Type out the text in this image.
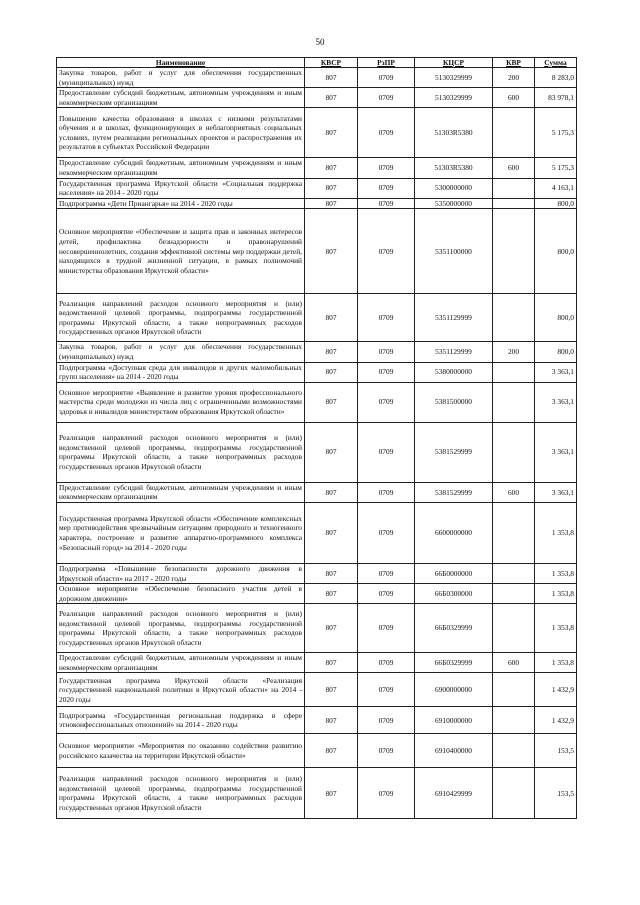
50
Наименование	КВСР	РзПР	КЦСР	КВР	Сумма
Закупка товаров, работ и услуг для обеспечения государственных (муниципальных) нужд	807	0709	5130329999	200	8 283,0
Предоставление субсидий бюджетным, автономным учреждениям и иным некоммерческим организациям	807	0709	5130329999	600	83 978,1
Повышение качества образования в школах с низкими результатами обучения и в школах, функционирующих в неблагоприятных социальных условиях, путем реализации региональных проектов и распространения их результатов в субъектах Российской Федерации	807	0709	51303R5380		5 175,3
Предоставление субсидий бюджетным, автономным учреждениям и иным некоммерческим организациям	807	0709	51303R5380	600	5 175,3
Государственная программа Иркутской области «Социальная поддержка населения» на 2014 - 2020 годы	807	0709	5300000000		4 163,1
Подпрограмма «Дети Приангарья» на 2014 - 2020 годы	807	0709	5350000000		800,0
Основное мероприятие «Обеспечение и защита прав и законных интересов детей, профилактика безнадзорности и правонарушений несовершеннолетних, создания эффективной системы мер поддержки детей, находящихся в трудной жизненной ситуации, в рамках полномочий министерства образования Иркутской области»	807	0709	5351100000		800,0
Реализация направлений расходов основного мероприятия и (или) ведомственной целевой программы, подпрограммы государственной программы Иркутской области, а также непрограммных расходов государственных органов Иркутской области	807	0709	5351129999		800,0
Закупка товаров, работ и услуг для обеспечения государственных (муниципальных) нужд	807	0709	5351129999	200	800,0
Подпрограмма «Доступная среда для инвалидов и других маломобильных групп населения» на 2014 - 2020 годы	807	0709	5380000000		3 363,1
Основное мероприятие «Выявление и развитие уровня профессионального мастерства среди молодежи из числа лиц с ограниченными возможностями здоровья и инвалидов министерством образования Иркутской области»	807	0709	5381500000		3 363,1
Реализация направлений расходов основного мероприятия и (или) ведомственной целевой программы, подпрограммы государственной программы Иркутской области, а также непрограммных расходов государственных органов Иркутской области	807	0709	5381529999		3 363,1
Предоставление субсидий бюджетным, автономным учреждениям и иным некоммерческим организациям	807	0709	5381529999	600	3 363,1
Государственная программа Иркутской области «Обеспечение комплексных мер противодействия чрезвычайным ситуациям природного и техногенного характера, построение и развитие аппаратно-программного комплекса «Безопасный город» на 2014 - 2020 годы	807	0709	6600000000		1 353,8
Подпрограмма «Повышение безопасности дорожного движения в Иркутской области» на 2017 - 2020 годы	807	0709	66Б0000000		1 353,8
Основное мероприятие «Обеспечение безопасного участия детей в дорожном движении»	807	0709	66Б0300000		1 353,8
Реализация направлений расходов основного мероприятия и (или) ведомственной целевой программы, подпрограммы государственной программы Иркутской области, а также непрограммных расходов государственных органов Иркутской области	807	0709	66Б0329999		1 353,8
Предоставление субсидий бюджетным, автономным учреждениям и иным некоммерческим организациям	807	0709	66Б0329999	600	1 353,8
Государственная программа Иркутской области «Реализация государственной национальной политики в Иркутской области» на 2014 - 2020 годы	807	0709	6900000000		1 432,9
Подпрограмма «Государственная региональная поддержка в сфере этноконфессиональных отношений» на 2014 - 2020 годы	807	0709	6910000000		1 432,9
Основное мероприятие «Мероприятия по оказанию содействия развитию российского казачества на территории Иркутской области»	807	0709	6910400000		153,5
Реализация направлений расходов основного мероприятия и (или) ведомственной целевой программы, подпрограммы государственной программы Иркутской области, а также непрограммных расходов государственных органов Иркутской области	807	0709	6910429999		153,5
